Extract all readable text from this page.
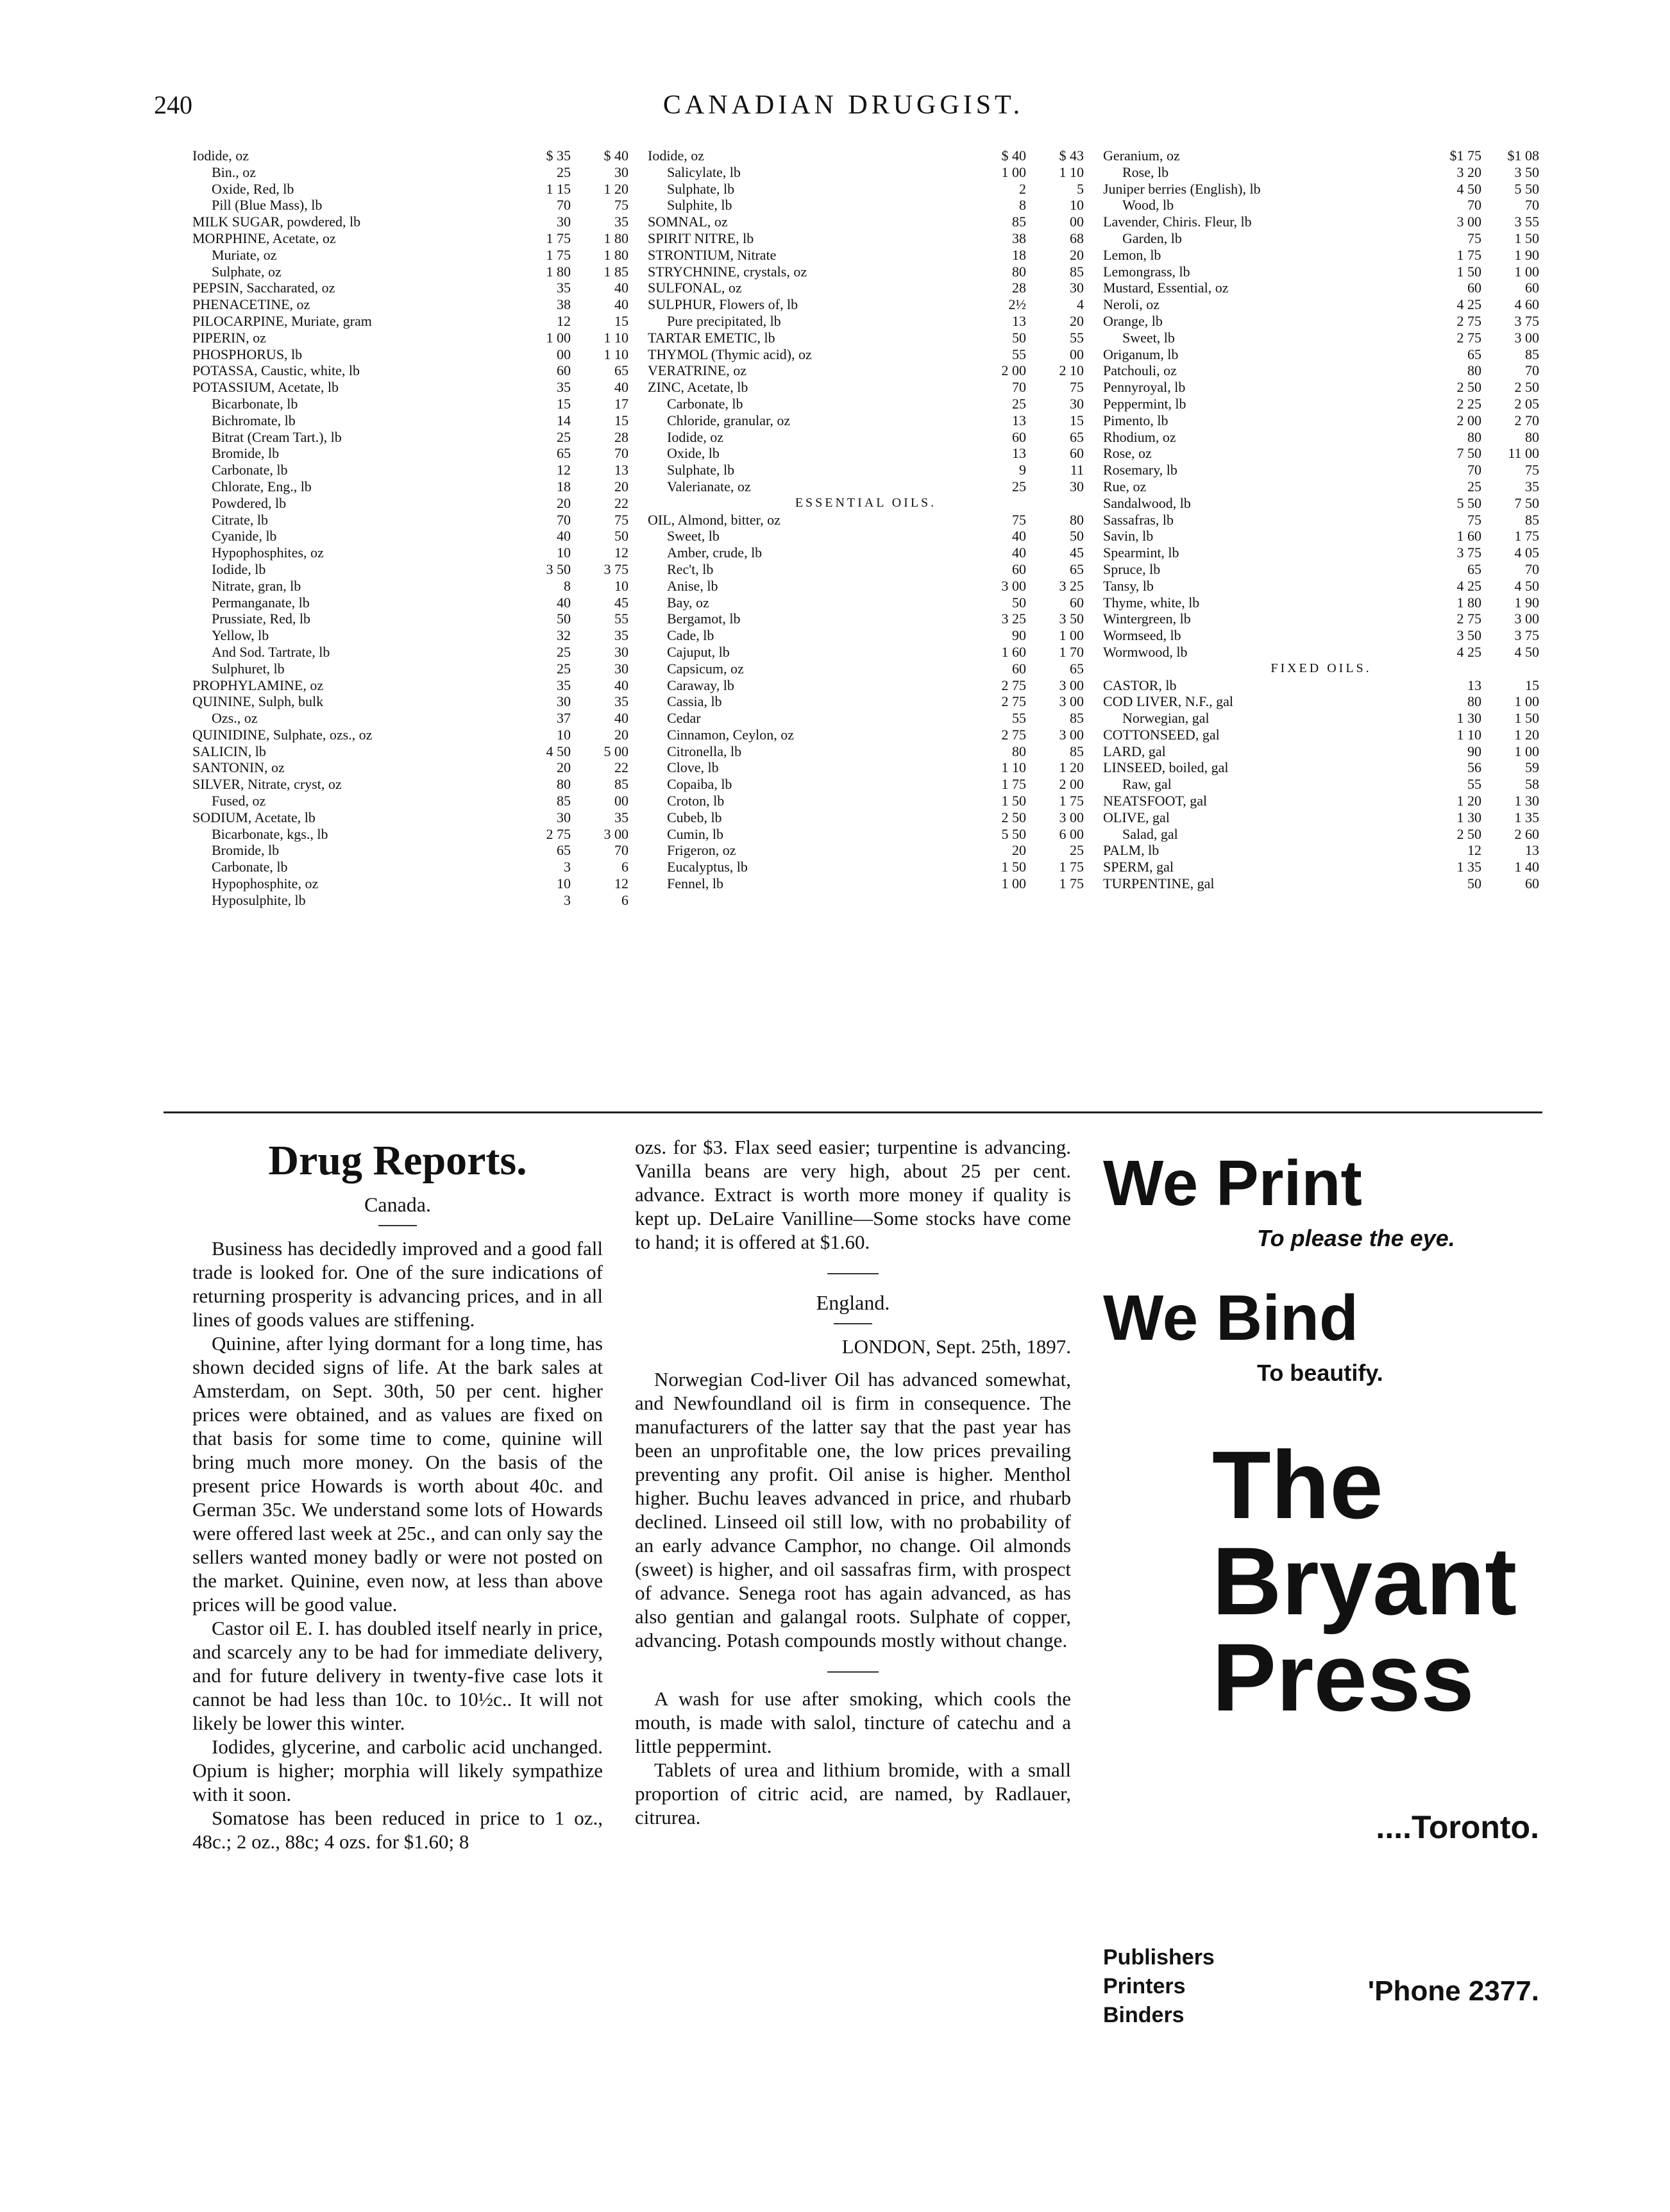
240	CANADIAN DRUGGIST.
Iodide, oz	$ 35	$ 40
Bin., oz	25	30
Oxide, Red, lb	1 15	1 20
Pill (Blue Mass), lb	70	75
MILK SUGAR, powdered, lb	30	35
MORPHINE, Acetate, oz	1 75	1 80
Muriate, oz	1 75	1 80
Sulphate, oz	1 80	1 85
PEPSIN, Saccharated, oz	35	40
PHENACETINE, oz	38	40
PILOCARPINE, Muriate, gram	12	15
PIPERIN, oz	1 00	1 10
PHOSPHORUS, lb	00	1 10
POTASSA, Caustic, white, lb	60	65
POTASSIUM, Acetate, lb	35	40
Bicarbonate, lb	15	17
Bichromate, lb	14	15
Bitrat (Cream Tart.), lb	25	28
Bromide, lb	65	70
Carbonate, lb	12	13
Chlorate, Eng., lb	18	20
Powdered, lb	20	22
Citrate, lb	70	75
Cyanide, lb	40	50
Hypophosphites, oz	10	12
Iodide, lb	3 50	3 75
Nitrate, gran, lb	8	10
Permanganate, lb	40	45
Prussiate, Red, lb	50	55
Yellow, lb	32	35
And Sod. Tartrate, lb	25	30
Sulphuret, lb	25	30
PROPHYLAMINE, oz	35	40
QUININE, Sulph, bulk	30	35
Ozs., oz	37	40
QUINIDINE, Sulphate, ozs., oz	10	20
SALICIN, lb	4 50	5 00
SANTONIN, oz	20	22
SILVER, Nitrate, cryst, oz	80	85
Fused, oz	85	00
SODIUM, Acetate, lb	30	35
Bicarbonate, kgs., lb	2 75	3 00
Bromide, lb	65	70
Carbonate, lb	3	6
Hypophosphite, oz	10	12
Hyposulphite, lb	3	6
Iodide, oz	$ 40	$ 43
Salicylate, lb	1 00	1 10
Sulphate, lb	2	5
Sulphite, lb	8	10
SOMNAL, oz	85	00
SPIRIT NITRE, lb	38	68
STRONTIUM, Nitrate	18	20
STRYCHNINE, crystals, oz	80	85
SULFONAL, oz	28	30
SULPHUR, Flowers of, lb	2½	4
Pure precipitated, lb	13	20
TARTAR EMETIC, lb	50	55
THYMOL (Thymic acid), oz	55	00
VERATRINE, oz	2 00	2 10
ZINC, Acetate, lb	70	75
Carbonate, lb	25	30
Chloride, granular, oz	13	15
Iodide, oz	60	65
Oxide, lb	13	60
Sulphate, lb	9	11
Valerianate, oz	25	30
ESSENTIAL OILS.
OIL, Almond, bitter, oz	75	80
Sweet, lb	40	50
Amber, crude, lb	40	45
Rec't, lb	60	65
Anise, lb	3 00	3 25
Bay, oz	50	60
Bergamot, lb	3 25	3 50
Cade, lb	90	1 00
Cajuput, lb	1 60	1 70
Capsicum, oz	60	65
Caraway, lb	2 75	3 00
Cassia, lb	2 75	3 00
Cedar	55	85
Cinnamon, Ceylon, oz	2 75	3 00
Citronella, lb	80	85
Clove, lb	1 10	1 20
Copaiba, lb	1 75	2 00
Croton, lb	1 50	1 75
Cubeb, lb	2 50	3 00
Cumin, lb	5 50	6 00
Frigeron, oz	20	25
Eucalyptus, lb	1 50	1 75
Fennel, lb	1 00	1 75
Geranium, oz	$1 75	$1 08
Rose, lb	3 20	3 50
Juniper berries (English), lb	4 50	5 50
Wood, lb	70	70
Lavender, Chiris. Fleur, lb	3 00	3 55
Garden, lb	75	1 50
Lemon, lb	1 75	1 90
Lemongrass, lb	1 50	1 00
Mustard, Essential, oz	60	60
Neroli, oz	4 25	4 60
Orange, lb	2 75	3 75
Sweet, lb	2 75	3 00
Origanum, lb	65	85
Patchouli, oz	80	70
Pennyroyal, lb	2 50	2 50
Peppermint, lb	2 25	2 05
Pimento, lb	2 00	2 70
Rhodium, oz	80	80
Rose, oz	7 50	11 00
Rosemary, lb	70	75
Rue, oz	25	35
Sandalwood, lb	5 50	7 50
Sassafras, lb	75	85
Savin, lb	1 60	1 75
Spearmint, lb	3 75	4 05
Spruce, lb	65	70
Tansy, lb	4 25	4 50
Thyme, white, lb	1 80	1 90
Wintergreen, lb	2 75	3 00
Wormseed, lb	3 50	3 75
Wormwood, lb	4 25	4 50
FIXED OILS.
CASTOR, lb	13	15
COD LIVER, N.F., gal	80	1 00
Norwegian, gal	1 30	1 50
COTTONSEED, gal	1 10	1 20
LARD, gal	90	1 00
LINSEED, boiled, gal	56	59
Raw, gal	55	58
NEATSFOOT, gal	1 20	1 30
OLIVE, gal	1 30	1 35
Salad, gal	2 50	2 60
PALM, lb	12	13
SPERM, gal	1 35	1 40
TURPENTINE, gal	50	60
Drug Reports.
Canada.

Business has decidedly improved and a good fall trade is looked for. One of the sure indications of returning prosperity is advancing prices, and in all lines of goods values are stiffening.

Quinine, after lying dormant for a long time, has shown decided signs of life. At the bark sales at Amsterdam, on Sept. 30th, 50 per cent. higher prices were obtained, and as values are fixed on that basis for some time to come, quinine will bring much more money. On the basis of the present price Howards is worth about 40c. and German 35c. We understand some lots of Howards were offered last week at 25c., and can only say the sellers wanted money badly or were not posted on the market. Quinine, even now, at less than above prices will be good value.

Castor oil E. I. has doubled itself nearly in price, and scarcely any to be had for immediate delivery, and for future delivery in twenty-five case lots it cannot be had less than 10c. to 10½c.. It will not likely be lower this winter.

Iodides, glycerine, and carbolic acid unchanged. Opium is higher; morphia will likely sympathize with it soon.

Somatose has been reduced in price to 1 oz., 48c.; 2 oz., 88c; 4 ozs. for $1.60; 8

ozs. for $3. Flax seed easier; turpentine is advancing. Vanilla beans are very high, about 25 per cent. advance. Extract is worth more money if quality is kept up. DeLaire Vanilline—Some stocks have come to hand; it is offered at $1.60.

England.
LONDON, Sept. 25th, 1897.

Norwegian Cod-liver Oil has advanced somewhat, and Newfoundland oil is firm in consequence. The manufacturers of the latter say that the past year has been an unprofitable one, the low prices prevailing preventing any profit. Oil anise is higher. Menthol higher. Buchu leaves advanced in price, and rhubarb declined. Linseed oil still low, with no probability of an early advance Camphor, no change. Oil almonds (sweet) is higher, and oil sassafras firm, with prospect of advance. Senega root has again advanced, as has also gentian and galangal roots. Sulphate of copper, advancing. Potash compounds mostly without change.

A wash for use after smoking, which cools the mouth, is made with salol, tincture of catechu and a little peppermint.

Tablets of urea and lithium bromide, with a small proportion of citric acid, are named, by Radlauer, citrurea.

We Print
To please the eye.
We Bind
To beautify.
The
Bryant
Press
....Toronto.
Publishers
Printers
Binders
'Phone 2377.
